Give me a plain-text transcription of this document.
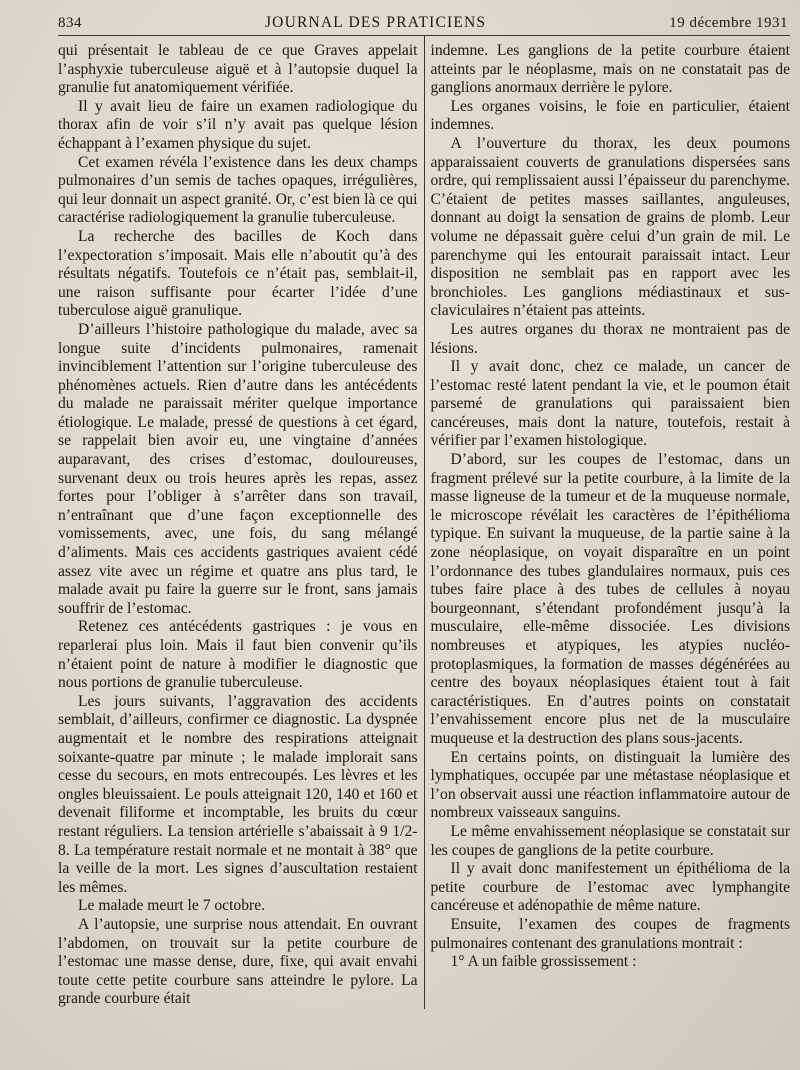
834	JOURNAL DES PRATICIENS	19 décembre 1931

qui présentait le tableau de ce que Graves appelait l’asphyxie tuberculeuse aiguë et à l’autopsie duquel la granulie fut anatomiquement vérifiée.

Il y avait lieu de faire un examen radiologique du thorax afin de voir s’il n’y avait pas quelque lésion échappant à l’examen physique du sujet.

Cet examen révéla l’existence dans les deux champs pulmonaires d’un semis de taches opaques, irrégulières, qui leur donnait un aspect granité. Or, c’est bien là ce qui caractérise radiologiquement la granulie tuberculeuse.

La recherche des bacilles de Koch dans l’expectoration s’imposait. Mais elle n’aboutit qu’à des résultats négatifs. Toutefois ce n’était pas, semblait-il, une raison suffisante pour écarter l’idée d’une tuberculose aiguë granulique.

D’ailleurs l’histoire pathologique du malade, avec sa longue suite d’incidents pulmonaires, ramenait invinciblement l’attention sur l’origine tuberculeuse des phénomènes actuels. Rien d’autre dans les antécédents du malade ne paraissait mériter quelque importance étiologique. Le malade, pressé de questions à cet égard, se rappelait bien avoir eu, une vingtaine d’années auparavant, des crises d’estomac, douloureuses, survenant deux ou trois heures après les repas, assez fortes pour l’obliger à s’arrêter dans son travail, n’entraînant que d’une façon exceptionnelle des vomissements, avec, une fois, du sang mélangé d’aliments. Mais ces accidents gastriques avaient cédé assez vite avec un régime et quatre ans plus tard, le malade avait pu faire la guerre sur le front, sans jamais souffrir de l’estomac.

Retenez ces antécédents gastriques : je vous en reparlerai plus loin. Mais il faut bien convenir qu’ils n’étaient point de nature à modifier le diagnostic que nous portions de granulie tuberculeuse.

Les jours suivants, l’aggravation des accidents semblait, d’ailleurs, confirmer ce diagnostic. La dyspnée augmentait et le nombre des respirations atteignait soixante-quatre par minute ; le malade implorait sans cesse du secours, en mots entrecoupés. Les lèvres et les ongles bleuissaient. Le pouls atteignait 120, 140 et 160 et devenait filiforme et incomptable, les bruits du cœur restant réguliers. La tension artérielle s’abaissait à 9 1/2-8. La température restait normale et ne montait à 38° que la veille de la mort. Les signes d’auscultation restaient les mêmes.

Le malade meurt le 7 octobre.

A l’autopsie, une surprise nous attendait. En ouvrant l’abdomen, on trouvait sur la petite courbure de l’estomac une masse dense, dure, fixe, qui avait envahi toute cette petite courbure sans atteindre le pylore. La grande courbure était

indemne. Les ganglions de la petite courbure étaient atteints par le néoplasme, mais on ne constatait pas de ganglions anormaux derrière le pylore.

Les organes voisins, le foie en particulier, étaient indemnes.

A l’ouverture du thorax, les deux poumons apparaissaient couverts de granulations dispersées sans ordre, qui remplissaient aussi l’épaisseur du parenchyme. C’étaient de petites masses saillantes, anguleuses, donnant au doigt la sensation de grains de plomb. Leur volume ne dépassait guère celui d’un grain de mil. Le parenchyme qui les entourait paraissait intact. Leur disposition ne semblait pas en rapport avec les bronchioles. Les ganglions médiastinaux et sus-claviculaires n’étaient pas atteints.

Les autres organes du thorax ne montraient pas de lésions.

Il y avait donc, chez ce malade, un cancer de l’estomac resté latent pendant la vie, et le poumon était parsemé de granulations qui paraissaient bien cancéreuses, mais dont la nature, toutefois, restait à vérifier par l’examen histologique.

D’abord, sur les coupes de l’estomac, dans un fragment prélevé sur la petite courbure, à la limite de la masse ligneuse de la tumeur et de la muqueuse normale, le microscope révélait les caractères de l’épithélioma typique. En suivant la muqueuse, de la partie saine à la zone néoplasique, on voyait disparaître en un point l’ordonnance des tubes glandulaires normaux, puis ces tubes faire place à des tubes de cellules à noyau bourgeonnant, s’étendant profondément jusqu’à la musculaire, elle-même dissociée. Les divisions nombreuses et atypiques, les atypies nucléo-protoplasmiques, la formation de masses dégénérées au centre des boyaux néoplasiques étaient tout à fait caractéristiques. En d’autres points on constatait l’envahissement encore plus net de la musculaire muqueuse et la destruction des plans sous-jacents.

En certains points, on distinguait la lumière des lymphatiques, occupée par une métastase néoplasique et l’on observait aussi une réaction inflammatoire autour de nombreux vaisseaux sanguins.

Le même envahissement néoplasique se constatait sur les coupes de ganglions de la petite courbure.

Il y avait donc manifestement un épithélioma de la petite courbure de l’estomac avec lymphangite cancéreuse et adénopathie de même nature.

Ensuite, l’examen des coupes de fragments pulmonaires contenant des granulations montrait :

1° A un faible grossissement :
